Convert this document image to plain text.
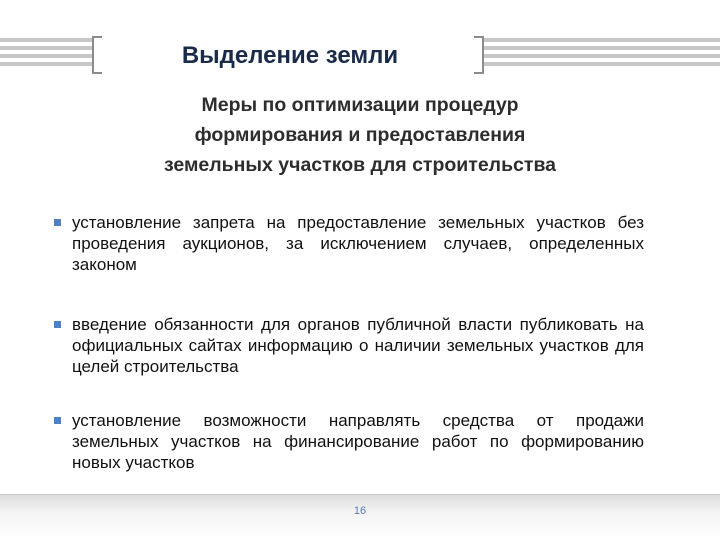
Выделение земли
Меры по оптимизации процедур
формирования и предоставления
земельных участков для строительства
установление запрета на предоставление земельных участков без проведения аукционов, за исключением случаев, определенных законом
введение обязанности для органов публичной власти публиковать на официальных сайтах информацию о наличии земельных участков для целей строительства
установление возможности направлять средства от продажи земельных участков на финансирование работ по формированию новых участков
16
